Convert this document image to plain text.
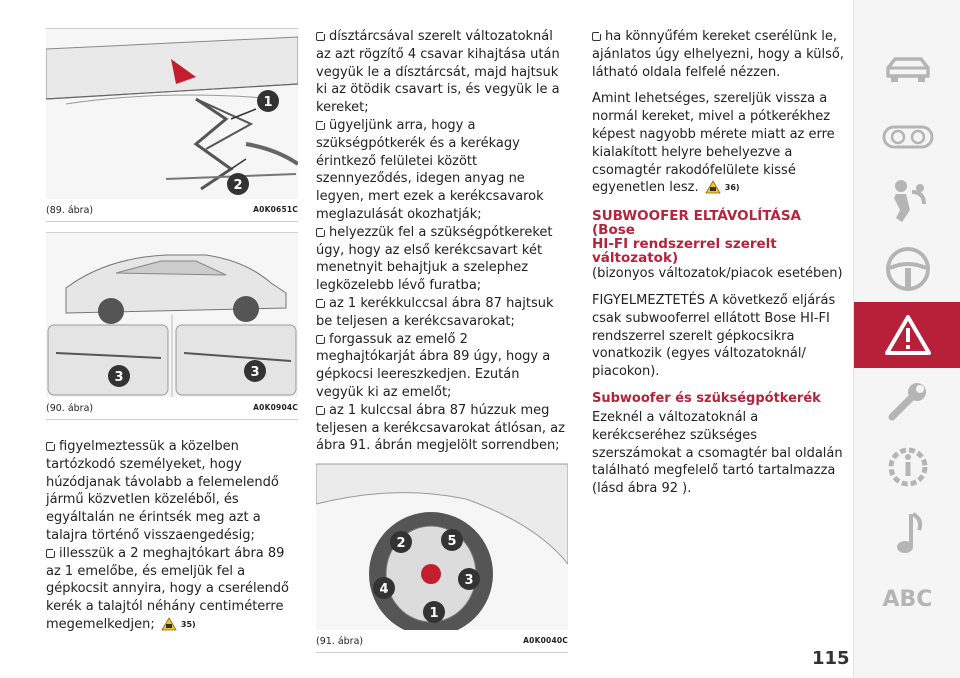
1
2
(89. ábra)	A0K0651C
3	3
(90. ábra)	A0K0904C

figyelmeztessük a közelben tartózkodó személyeket, hogy húzódjanak távolabb a felemelendő jármű közvetlen közeléből, és egyáltalán ne érintsék meg azt a talajra történő visszaengedésig;

illesszük a 2 meghajtókart ábra 89 az 1 emelőbe, és emeljük fel a gépkocsit annyira, hogy a cserélendő kerék a talajtól néhány centiméterre megemelkedjen;	35)

dísztárcsával szerelt változatoknál az azt rögzítő 4 csavar kihajtása után vegyük le a dísztárcsát, majd hajtsuk ki az ötödik csavart is, és vegyük le a kereket;

ügyeljünk arra, hogy a szükségpótkerék és a kerékagy érintkező felületei között szennyeződés, idegen anyag ne legyen, mert ezek a kerékcsavarok meglazulását okozhatják;

helyezzük fel a szükségpótkereket úgy, hogy az első kerékcsavart két menetnyit behajtjuk a szelephez legközelebb lévő furatba;

az 1 kerékkulccsal ábra 87 hajtsuk be teljesen a kerékcsavarokat;

forgassuk az emelő 2 meghajtókarját ábra 89 úgy, hogy a gépkocsi leereszkedjen. Ezután vegyük ki az emelőt;

az 1 kulccsal ábra 87 húzzuk meg teljesen a kerékcsavarokat átlósan, az ábra 91. ábrán megjelölt sorrendben;

2	5
4
3
1
(91. ábra)	A0K0040C

ha könnyűfém kereket cserélünk le, ajánlatos úgy elhelyezni, hogy a külső, látható oldala felfelé nézzen.

Amint lehetséges, szereljük vissza a normál kereket, mivel a pótkerékhez képest nagyobb mérete miatt az erre kialakított helyre behelyezve a csomagtér rakodófelülete kissé egyenetlen lesz.	36)

SUBWOOFER ELTÁVOLÍTÁSA (Bose
HI-FI rendszerrel szerelt változatok)

(bizonyos változatok/piacok esetében)

FIGYELMEZTETÉS A következő eljárás csak subwooferrel ellátott Bose HI-FI rendszerrel szerelt gépkocsikra vonatkozik (egyes változatoknál/ piacokon).

Subwoofer és szükségpótkerék

Ezeknél a változatoknál a kerékcseréhez szükséges szerszámokat a csomagtér bal oldalán található megfelelő tartó tartalmazza (lásd ábra 92 ).

ABC
115
